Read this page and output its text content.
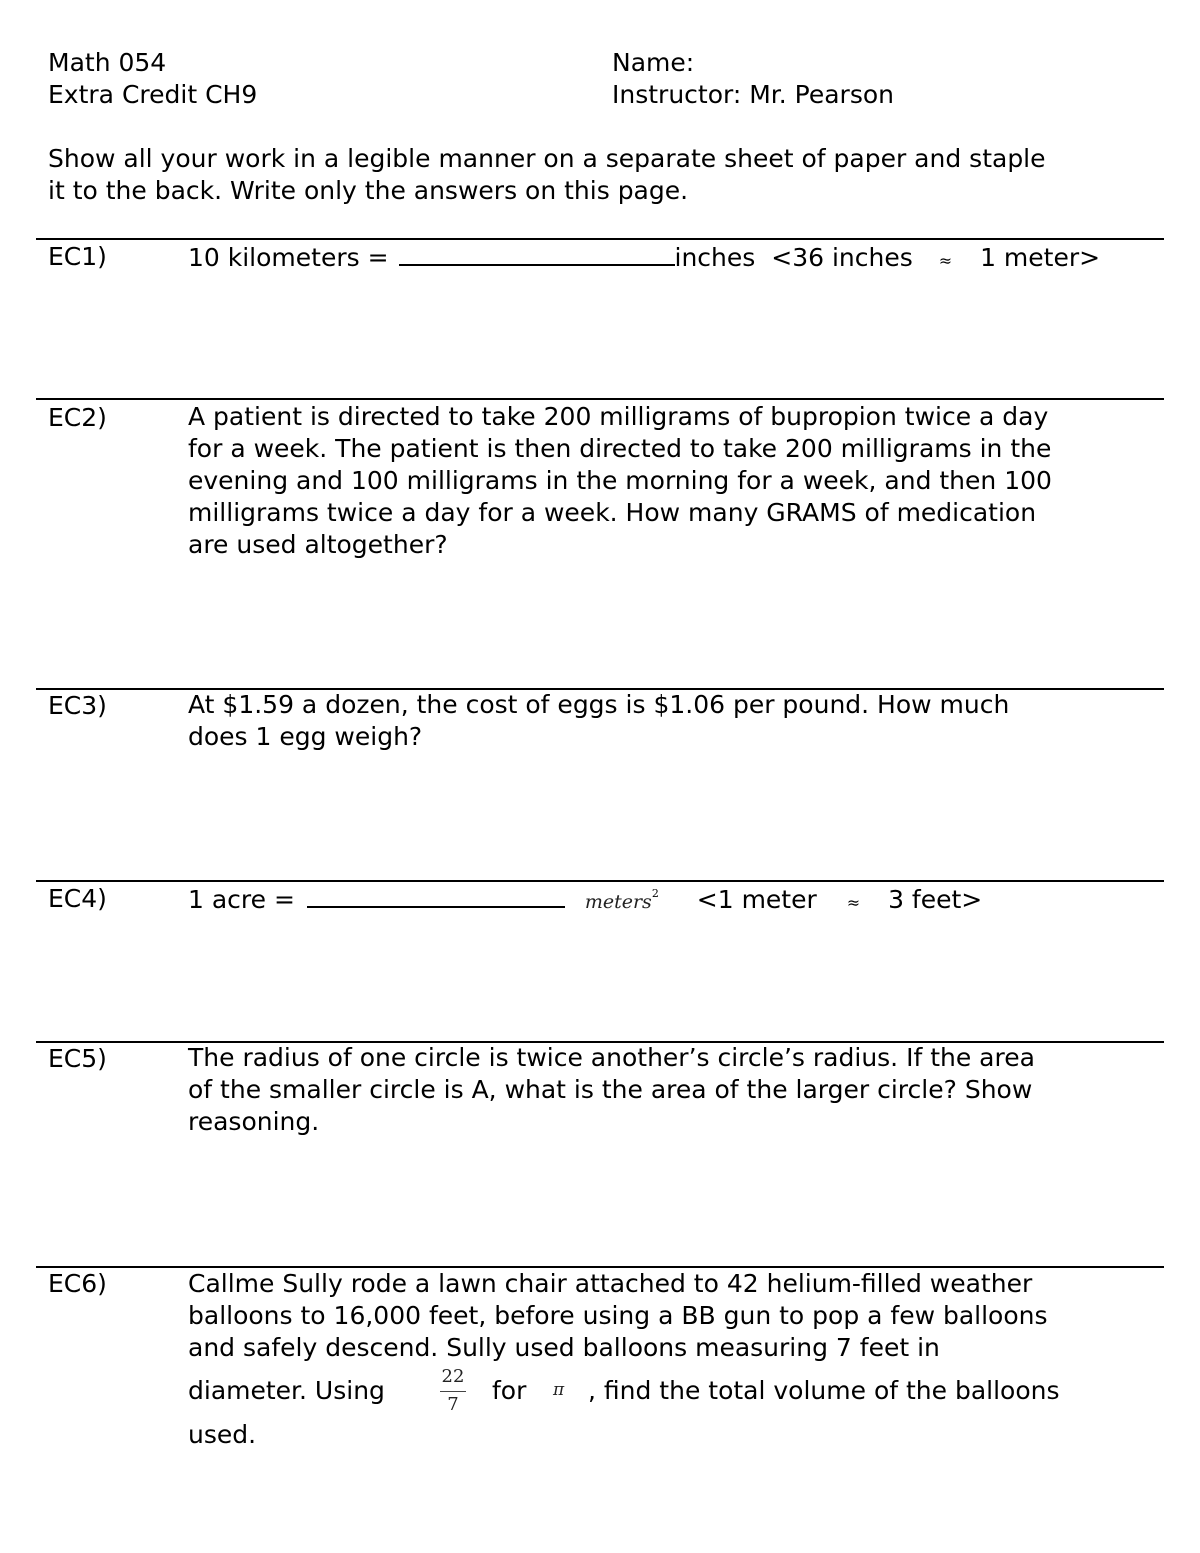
Math 054
Extra Credit CH9
Name:
Instructor: Mr. Pearson
Show all your work in a legible manner on a separate sheet of paper and staple
it to the back. Write only the answers on this page.
EC1)	10 kilometers =	inches <36 inches ≈ 1 meter>
EC2)	A patient is directed to take 200 milligrams of bupropion twice a day
for a week. The patient is then directed to take 200 milligrams in the
evening and 100 milligrams in the morning for a week, and then 100
milligrams twice a day for a week. How many GRAMS of medication
are used altogether?
EC3)	At $1.59 a dozen, the cost of eggs is $1.06 per pound. How much
does 1 egg weigh?
EC4)	1 acre =	meters$^2$ <1 meter ≈ 3 feet>
EC5)	The radius of one circle is twice another’s circle’s radius. If the area
of the smaller circle is A, what is the area of the larger circle? Show
reasoning.
EC6)	Callme Sully rode a lawn chair attached to 42 helium-filled weather
balloons to 16,000 feet, before using a BB gun to pop a few balloons
and safely descend. Sully used balloons measuring 7 feet in
diameter. Using	22
7	for π , find the total volume of the balloons
used.
